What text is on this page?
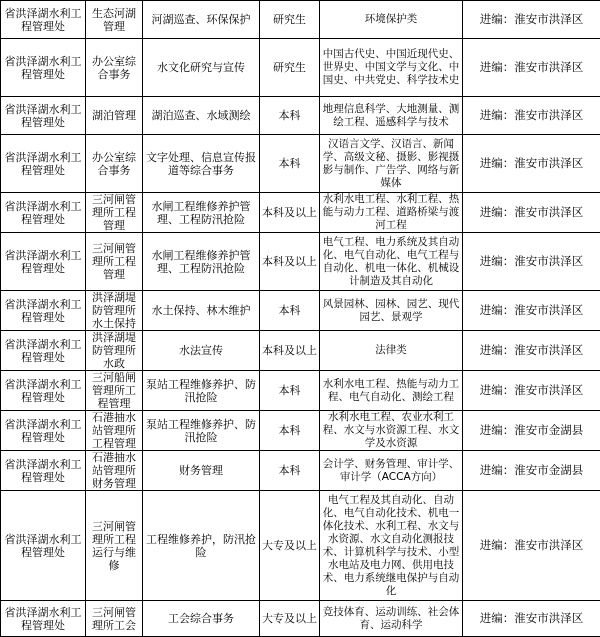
省洪泽湖水利工程管理处	生态河湖管理	河湖巡查、环保保护	研究生	环境保护类	进编：淮安市洪泽区
省洪泽湖水利工程管理处	办公室综合事务	水文化研究与宣传	研究生	中国古代史、中国近现代史、世界史、中国文学与文化、中国史、中共党史、科学技术史	进编：淮安市洪泽区
省洪泽湖水利工程管理处	湖泊管理	湖泊巡查、水域测绘	本科	地理信息科学、大地测量、测绘工程、遥感科学与技术	进编：淮安市洪泽区
省洪泽湖水利工程管理处	办公室综合事务	文字处理、信息宣传报道等综合事务	本科	汉语言文学、汉语言、新闻学、高级文秘、摄影、影视摄影与制作、广告学、网络与新媒体	进编：淮安市洪泽区
省洪泽湖水利工程管理处	三河闸管理所工程管理	水闸工程维修养护管理、工程防汛抢险	本科及以上	水利水电工程、水利工程、热能与动力工程、道路桥梁与渡河工程	进编：淮安市洪泽区
省洪泽湖水利工程管理处	三河闸管理所工程管理	水闸工程维修养护管理、工程防汛抢险	本科及以上	电气工程、电力系统及其自动化、电气自动化、电气工程与自动化、机电一体化、机械设计制造及其自动化	进编：淮安市洪泽区
省洪泽湖水利工程管理处	洪泽湖堤防管理所水土保持	水土保持、林木维护	本科	风景园林、园林、园艺、现代园艺、景观学	进编：淮安市洪泽区
省洪泽湖水利工程管理处	洪泽湖堤防管理所水政	水法宣传	本科及以上	法律类	进编：淮安市洪泽区
省洪泽湖水利工程管理处	三河船闸管理所工程管理	泵站工程维修养护、防汛抢险	本科	水利水电工程、热能与动力工程、电气自动化、测绘工程	进编：淮安市洪泽区
省洪泽湖水利工程管理处	石港抽水站管理所工程管理	泵站工程维修养护、防汛抢险	本科	水利水电工程、农业水利工程、水文与水资源工程、水文学及水资源	进编：淮安市金湖县
省洪泽湖水利工程管理处	石港抽水站管理所财务管理	财务管理	本科	会计学、财务管理、审计学、审计学（ACCA方向）	进编：淮安市金湖县
省洪泽湖水利工程管理处	三河闸管理所工程运行与维修	工程维修养护，防汛抢险	大专及以上	电气工程及其自动化、自动化、电气自动化技术、机电一体化技术、水利工程、水文与水资源、水文自动化测报技术、计算机科学与技术、小型水电站及电力网、供用电技术、电力系统继电保护与自动化	进编：淮安市洪泽区
省洪泽湖水利工程管理处	三河闸管理所工会	工会综合事务	大专及以上	竞技体育、运动训练、社会体育、运动科学	进编：淮安市洪泽区
